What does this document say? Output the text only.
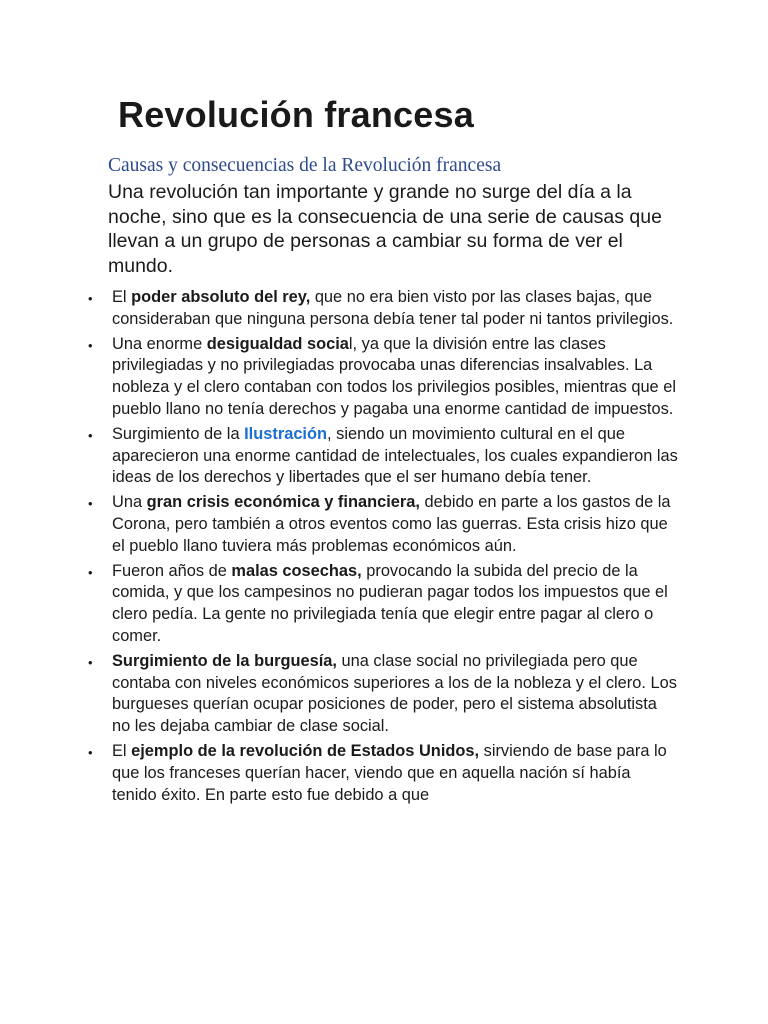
Revolución francesa

Causas y consecuencias de la Revolución francesa

Una revolución tan importante y grande no surge del día a la noche, sino que es la consecuencia de una serie de causas que llevan a un grupo de personas a cambiar su forma de ver el mundo.

• El poder absoluto del rey, que no era bien visto por las clases bajas, que consideraban que ninguna persona debía tener tal poder ni tantos privilegios.
• Una enorme desigualdad social, ya que la división entre las clases privilegiadas y no privilegiadas provocaba unas diferencias insalvables. La nobleza y el clero contaban con todos los privilegios posibles, mientras que el pueblo llano no tenía derechos y pagaba una enorme cantidad de impuestos.
• Surgimiento de la Ilustración, siendo un movimiento cultural en el que aparecieron una enorme cantidad de intelectuales, los cuales expandieron las ideas de los derechos y libertades que el ser humano debía tener.
• Una gran crisis económica y financiera, debido en parte a los gastos de la Corona, pero también a otros eventos como las guerras. Esta crisis hizo que el pueblo llano tuviera más problemas económicos aún.
• Fueron años de malas cosechas, provocando la subida del precio de la comida, y que los campesinos no pudieran pagar todos los impuestos que el clero pedía. La gente no privilegiada tenía que elegir entre pagar al clero o comer.
• Surgimiento de la burguesía, una clase social no privilegiada pero que contaba con niveles económicos superiores a los de la nobleza y el clero. Los burgueses querían ocupar posiciones de poder, pero el sistema absolutista no les dejaba cambiar de clase social.
• El ejemplo de la revolución de Estados Unidos, sirviendo de base para lo que los franceses querían hacer, viendo que en aquella nación sí había tenido éxito. En parte esto fue debido a que
